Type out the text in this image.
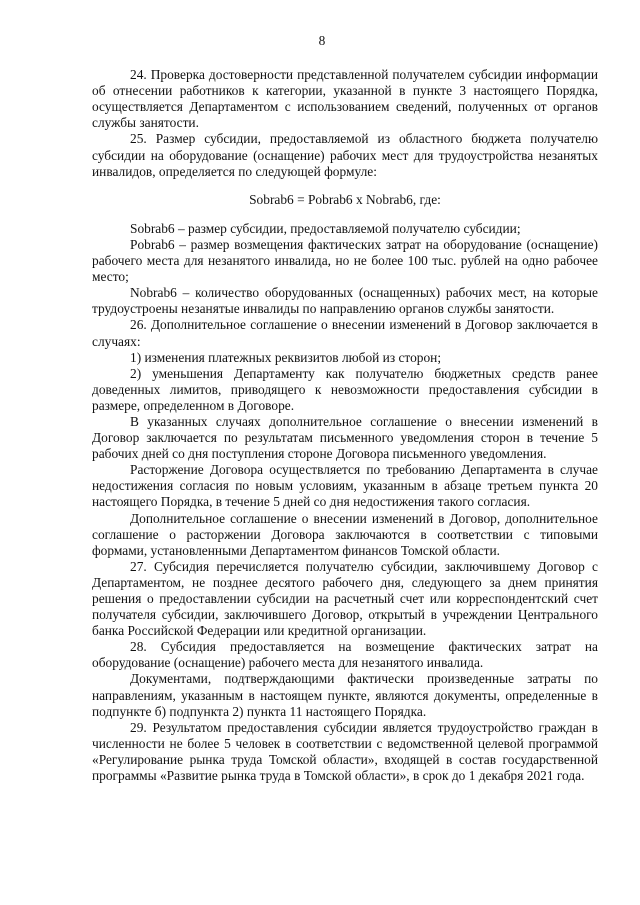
8

24. Проверка достоверности представленной получателем субсидии информации об отнесении работников к категории, указанной в пункте 3 настоящего Порядка, осуществляется Департаментом с использованием сведений, полученных от органов службы занятости.

25. Размер субсидии, предоставляемой из областного бюджета получателю субсидии на оборудование (оснащение) рабочих мест для трудоустройства незанятых инвалидов, определяется по следующей формуле:

Sobrab6 = Pobrab6 x Nobrab6, где:

Sobrab6 – размер субсидии, предоставляемой получателю субсидии;

Pobrab6 – размер возмещения фактических затрат на оборудование (оснащение) рабочего места для незанятого инвалида, но не более 100 тыс. рублей на одно рабочее место;

Nobrab6 – количество оборудованных (оснащенных) рабочих мест, на которые трудоустроены незанятые инвалиды по направлению органов службы занятости.

26. Дополнительное соглашение о внесении изменений в Договор заключается в случаях:

1) изменения платежных реквизитов любой из сторон;

2) уменьшения Департаменту как получателю бюджетных средств ранее доведенных лимитов, приводящего к невозможности предоставления субсидии в размере, определенном в Договоре.

В указанных случаях дополнительное соглашение о внесении изменений в Договор заключается по результатам письменного уведомления сторон в течение 5 рабочих дней со дня поступления стороне Договора письменного уведомления.

Расторжение Договора осуществляется по требованию Департамента в случае недостижения согласия по новым условиям, указанным в абзаце третьем пункта 20 настоящего Порядка, в течение 5 дней со дня недостижения такого согласия.

Дополнительное соглашение о внесении изменений в Договор, дополнительное соглашение о расторжении Договора заключаются в соответствии с типовыми формами, установленными Департаментом финансов Томской области.

27. Субсидия перечисляется получателю субсидии, заключившему Договор с Департаментом, не позднее десятого рабочего дня, следующего за днем принятия решения о предоставлении субсидии на расчетный счет или корреспондентский счет получателя субсидии, заключившего Договор, открытый в учреждении Центрального банка Российской Федерации или кредитной организации.

28. Субсидия предоставляется на возмещение фактических затрат на оборудование (оснащение) рабочего места для незанятого инвалида.

Документами, подтверждающими фактически произведенные затраты по направлениям, указанным в настоящем пункте, являются документы, определенные в подпункте б) подпункта 2) пункта 11 настоящего Порядка.

29. Результатом предоставления субсидии является трудоустройство граждан в численности не более 5 человек в соответствии с ведомственной целевой программой «Регулирование рынка труда Томской области», входящей в состав государственной программы «Развитие рынка труда в Томской области», в срок до 1 декабря 2021 года.
